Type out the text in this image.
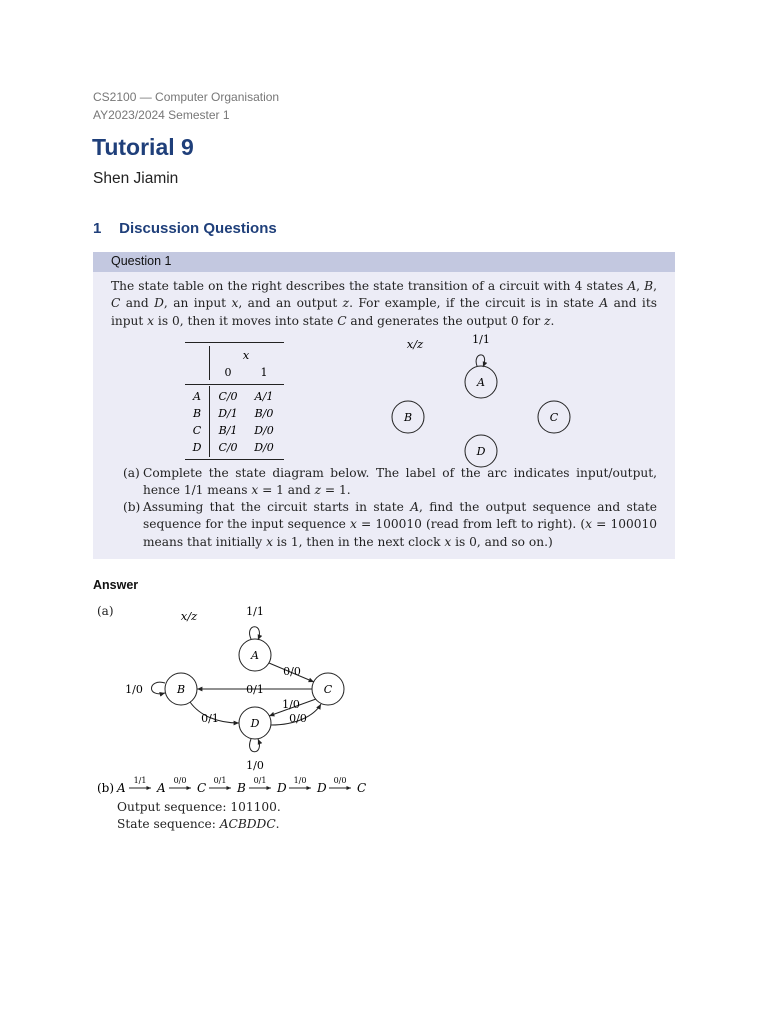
CS2100 — Computer Organisation
AY2023/2024 Semester 1
Tutorial 9
Shen Jiamin
1 Discussion Questions
Question 1
The state table on the right describes the state transition of a circuit with 4 states A, B, C and D, an input x, and an output z. For example, if the circuit is in state A and its input x is 0, then it moves into state C and generates the output 0 for z.
x
0	1
A C/0 A/1
B D/1 B/0
C B/1 D/0
D C/0 D/0
x/z	1/1
A
B	C
D
(a) Complete the state diagram below. The label of the arc indicates input/output, hence 1/1 means x = 1 and z = 1.
(b) Assuming that the circuit starts in state A, find the output sequence and state sequence for the input sequence x = 100010 (read from left to right). (x = 100010 means that initially x is 1, then in the next clock x is 0, and so on.)
Answer
(a)	x/z	1/1
A
1/0	B	C
D
1/0
0/0
0/1
0/1
1/0
0/0
(b) A
1/1
A
0/0
C
0/1
B
0/1
D
1/0
D
0/0
C
Output sequence: 101100.
State sequence: ACBDDC.
